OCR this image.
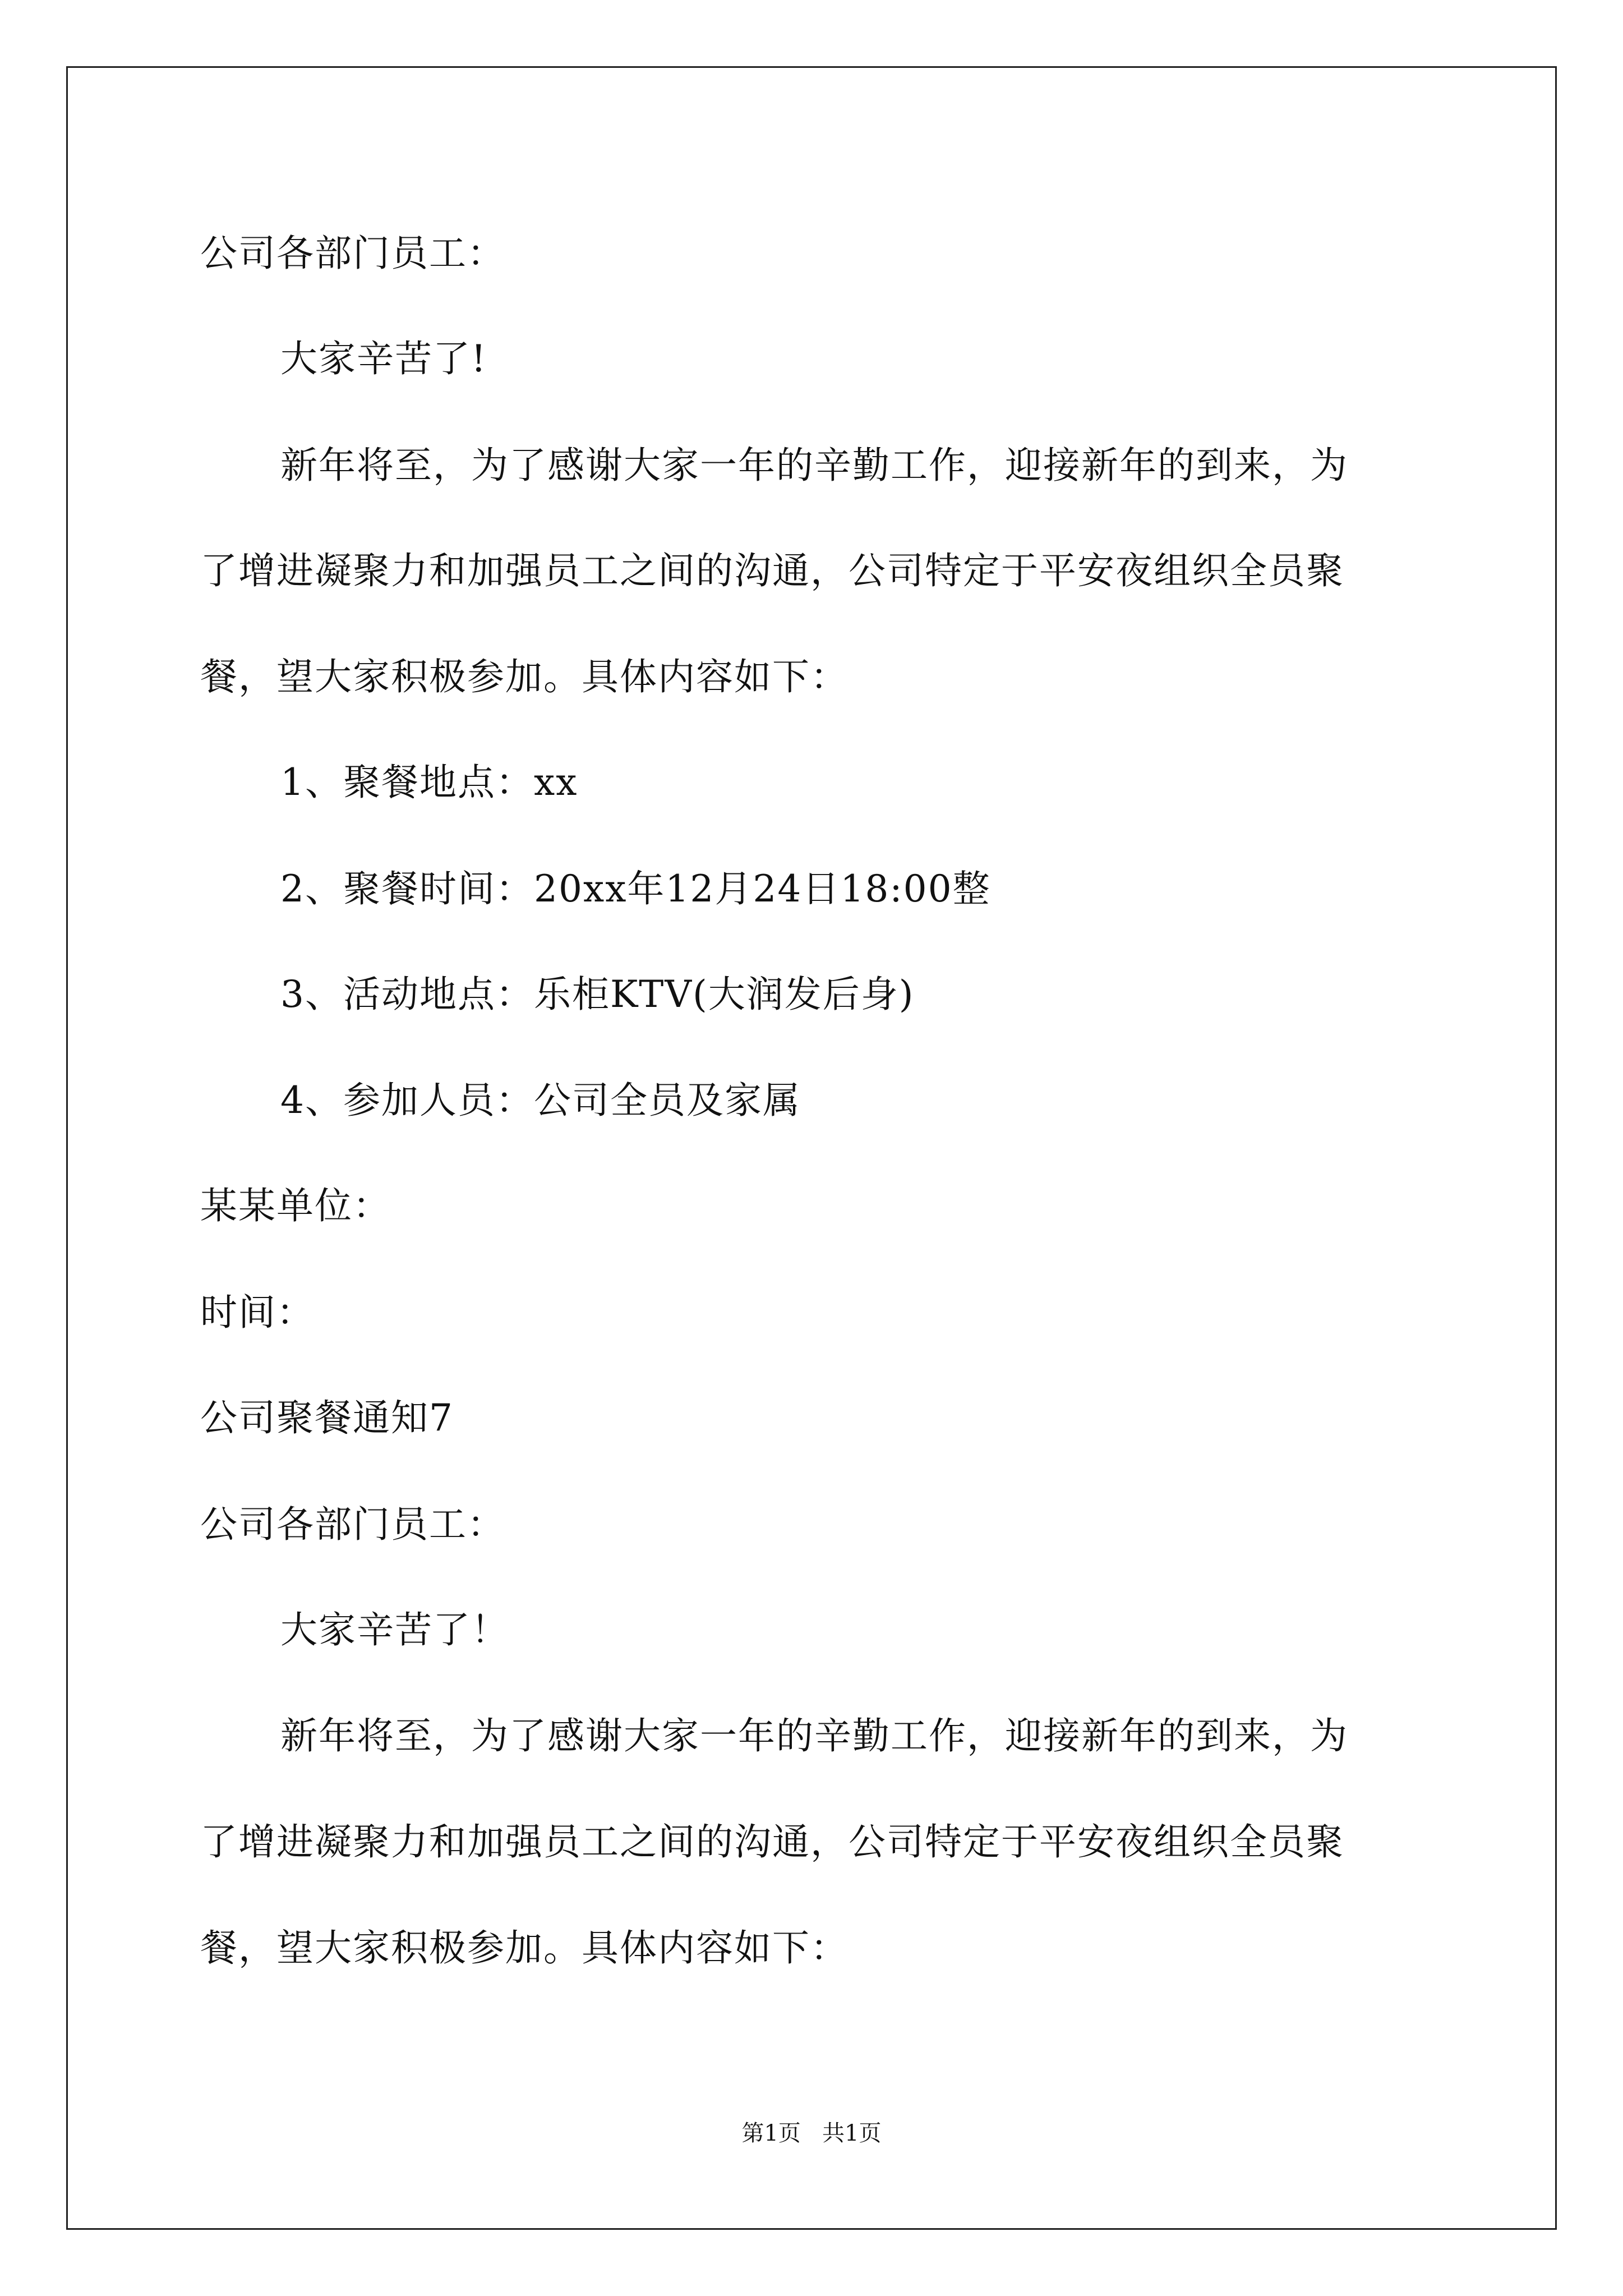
公司各部门员工：
大家辛苦了!
新年将至，为了感谢大家一年的辛勤工作，迎接新年的到来，为
了增进凝聚力和加强员工之间的沟通，公司特定于平安夜组织全员聚
餐，望大家积极参加。具体内容如下：
1、聚餐地点：xx
2、聚餐时间：20xx年12月24日18:00整
3、活动地点：乐柜KTV(大润发后身)
4、参加人员：公司全员及家属
某某单位：
时间：
公司聚餐通知7
公司各部门员工：
大家辛苦了！
新年将至，为了感谢大家一年的辛勤工作，迎接新年的到来，为
了增进凝聚力和加强员工之间的沟通，公司特定于平安夜组织全员聚
餐，望大家积极参加。具体内容如下：
第1页   共1页
